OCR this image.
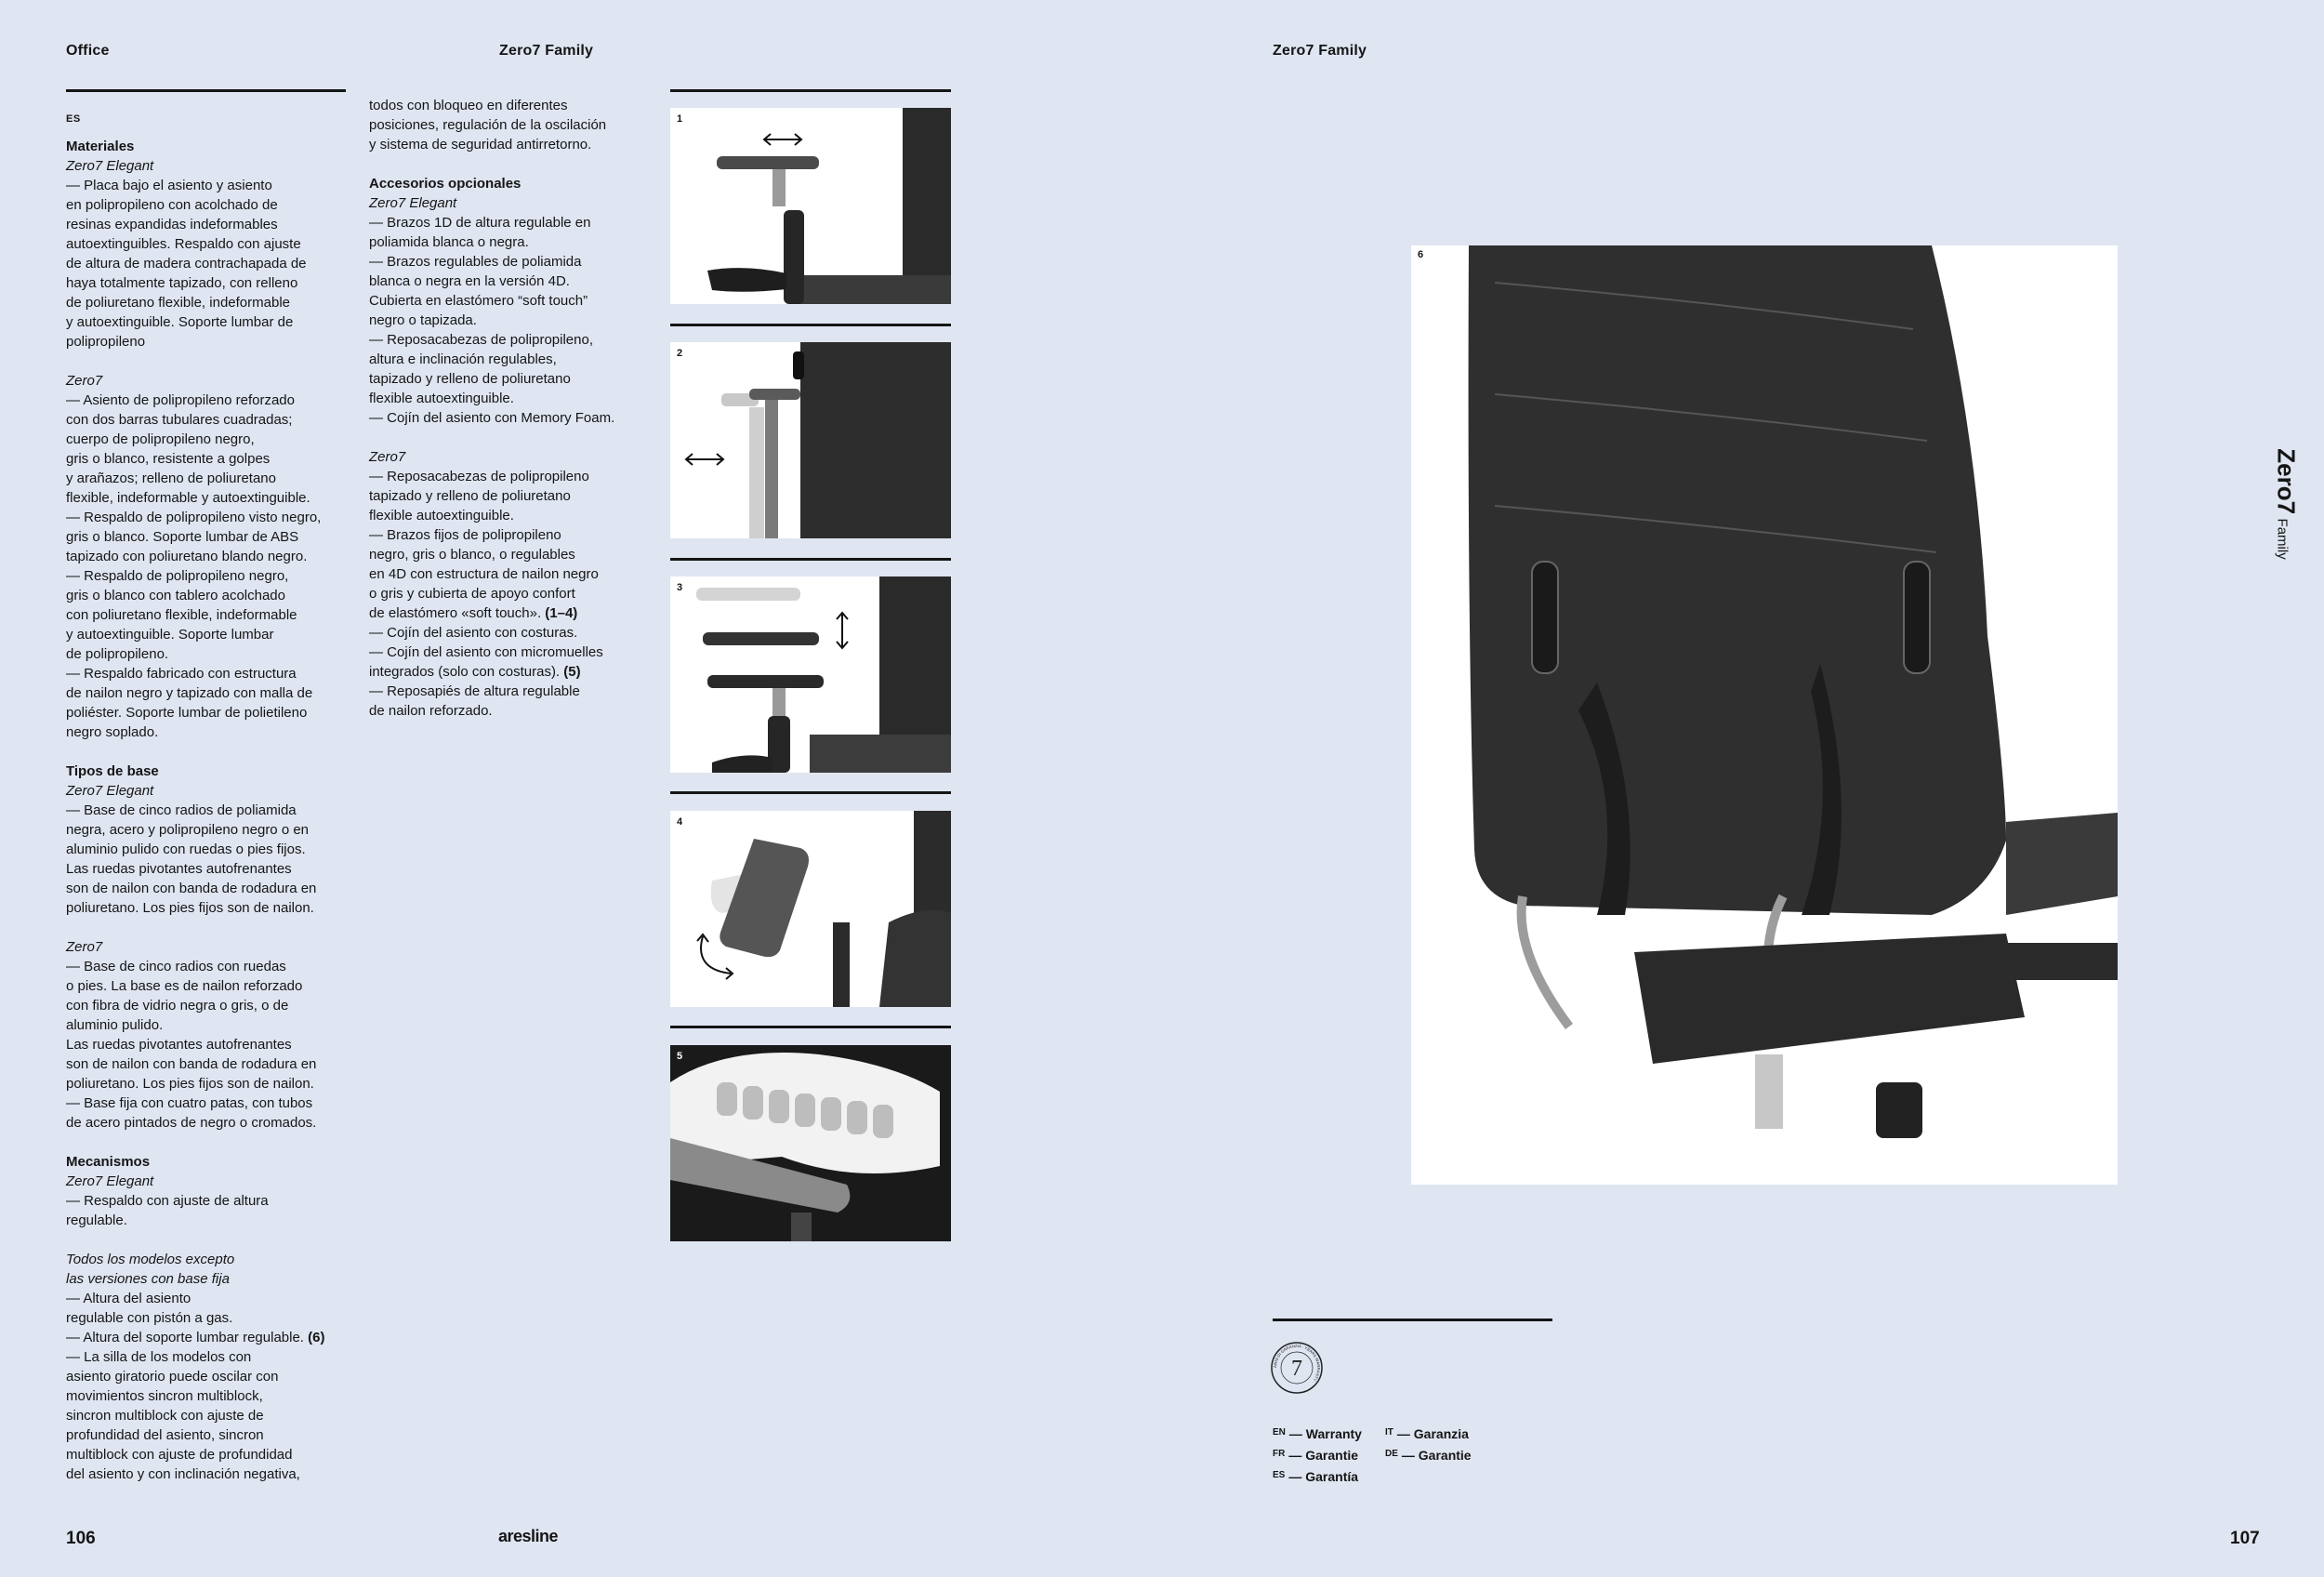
Office	Zero7 Family	Zero7 Family
ES

Materiales

Zero7 Elegant

— Placa bajo el asiento y asiento
en polipropileno con acolchado de
resinas expandidas indeformables
autoextinguibles. Respaldo con ajuste
de altura de madera contrachapada de
haya totalmente tapizado, con relleno
de poliuretano flexible, indeformable
y autoextinguible. Soporte lumbar de
polipropileno

Zero7

— Asiento de polipropileno reforzado
con dos barras tubulares cuadradas;
cuerpo de polipropileno negro,
gris o blanco, resistente a golpes
y arañazos; relleno de poliuretano
flexible, indeformable y autoextinguible.
— Respaldo de polipropileno visto negro,
gris o blanco. Soporte lumbar de ABS
tapizado con poliuretano blando negro.
— Respaldo de polipropileno negro,
gris o blanco con tablero acolchado
con poliuretano flexible, indeformable
y autoextinguible. Soporte lumbar
de polipropileno.
— Respaldo fabricado con estructura
de nailon negro y tapizado con malla de
poliéster. Soporte lumbar de polietileno
negro soplado.

Tipos de base

Zero7 Elegant

— Base de cinco radios de poliamida
negra, acero y polipropileno negro o en
aluminio pulido con ruedas o pies fijos.
Las ruedas pivotantes autofrenantes
son de nailon con banda de rodadura en
poliuretano. Los pies fijos son de nailon.

Zero7

— Base de cinco radios con ruedas
o pies. La base es de nailon reforzado
con fibra de vidrio negra o gris, o de
aluminio pulido.
Las ruedas pivotantes autofrenantes
son de nailon con banda de rodadura en
poliuretano. Los pies fijos son de nailon.
— Base fija con cuatro patas, con tubos
de acero pintados de negro o cromados.

Mecanismos

Zero7 Elegant

— Respaldo con ajuste de altura
regulable.

Todos los modelos excepto
las versiones con base fija

— Altura del asiento
regulable con pistón a gas.

— Altura del soporte lumbar regulable. (6)

— La silla de los modelos con
asiento giratorio puede oscilar con
movimientos sincron multiblock,
sincron multiblock con ajuste de
profundidad del asiento, sincron
multiblock con ajuste de profundidad
del asiento y con inclinación negativa,

todos con bloqueo en diferentes
posiciones, regulación de la oscilación
y sistema de seguridad antirretorno.

Accesorios opcionales

Zero7 Elegant

— Brazos 1D de altura regulable en
poliamida blanca o negra.
— Brazos regulables de poliamida
blanca o negra en la versión 4D.
Cubierta en elastómero “soft touch”
negro o tapizada.
— Reposacabezas de polipropileno,
altura e inclinación regulables,
tapizado y relleno de poliuretano
flexible autoextinguible.
— Cojín del asiento con Memory Foam.

Zero7

— Reposacabezas de polipropileno
tapizado y relleno de poliuretano
flexible autoextinguible.
— Brazos fijos de polipropileno
negro, gris o blanco, o regulables
en 4D con estructura de nailon negro
o gris y cubierta de apoyo confort
de elastómero «soft touch». (1–4)

— Cojín del asiento con costuras.
— Cojín del asiento con micromuelles
integrados (solo con costuras). (5)

— Reposapiés de altura regulable
de nailon reforzado.

1
2
3
4
5
6
Zero7 Family
ANNI DI GARANZIA · YEARS WARRANTY ·
7
$^{EN}$ — Warranty
$^{FR}$ — Garantie
$^{ES}$ — Garantía
$^{IT}$ — Garanzia
$^{DE}$ — Garantie
106	aresline	107
